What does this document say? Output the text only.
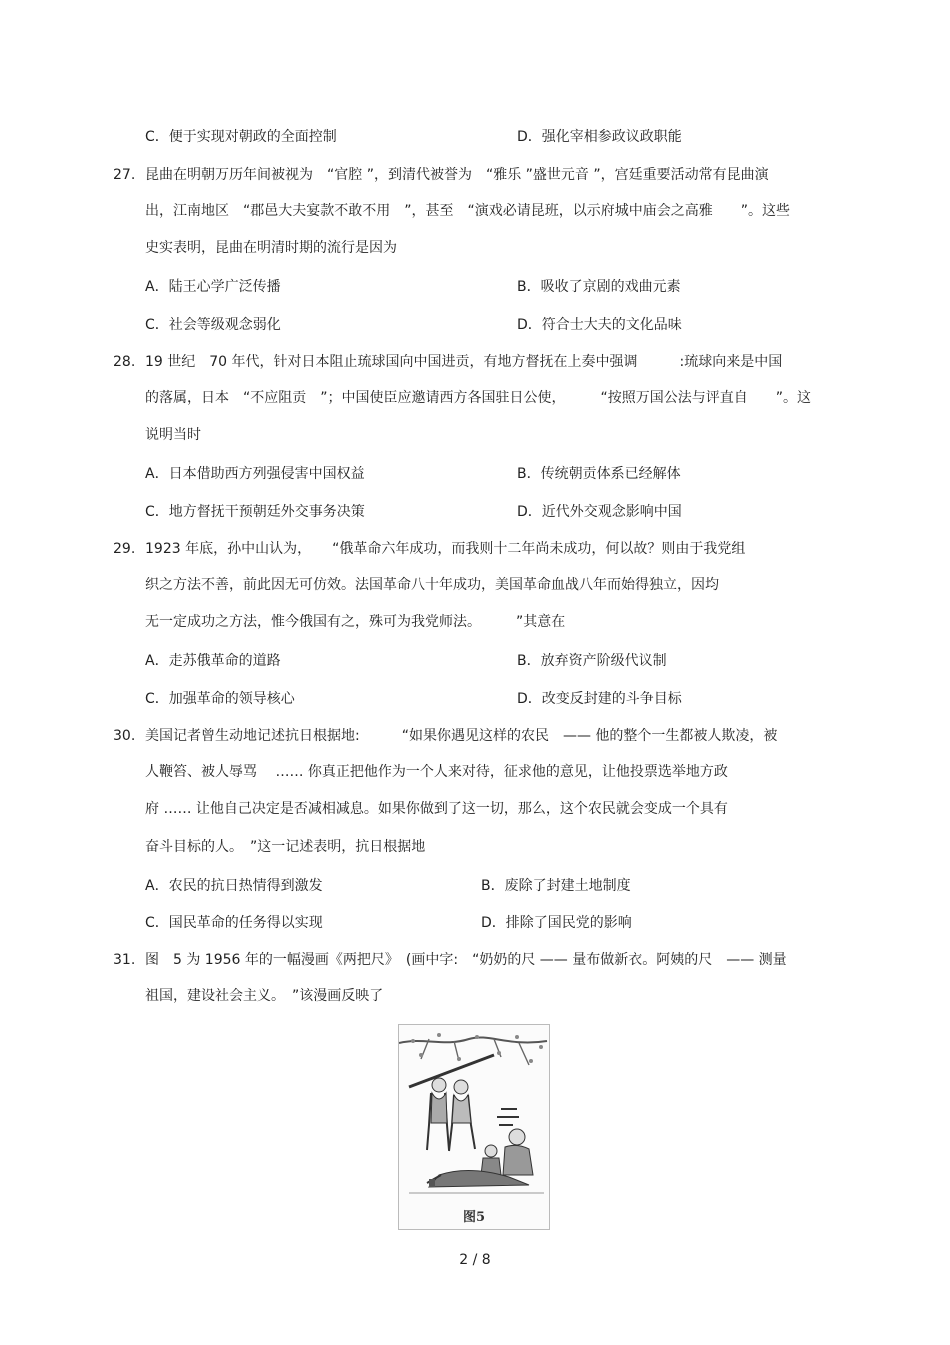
C．便于实现对朝政的全面控制	D．强化宰相参政议政职能
27. 昆曲在明朝万历年间被视为　“官腔 ”，到清代被誉为　“雅乐 ”盛世元音 ”，宫廷重要活动常有昆曲演
出，江南地区　“郡邑大夫宴款不敢不用　”，甚至　“演戏必请昆班，以示府城中庙会之高雅　　”。这些
史实表明，昆曲在明清时期的流行是因为
A．陆王心学广泛传播	B．吸收了京剧的戏曲元素
C．社会等级观念弱化	D．符合士大夫的文化品味
28. 19 世纪　70 年代，针对日本阻止琉球国向中国进贡，有地方督抚在上奏中强调　　　:琉球向来是中国
的落属，日本　“不应阻贡　”；中国使臣应邀请西方各国驻日公使，　　　“按照万国公法与评直自　　”。这
说明当时
A．日本借助西方列强侵害中国权益	B．传统朝贡体系已经解体
C．地方督抚干预朝廷外交事务决策	D．近代外交观念影响中国
29. 1923 年底，孙中山认为，　　“俄革命六年成功，而我则十二年尚未成功，何以故？则由于我党组
织之方法不善，前此因无可仿效。法国革命八十年成功，美国革命血战八年而始得独立，因均
无一定成功之方法，惟今俄国有之，殊可为我党师法。　　　”其意在
A．走苏俄革命的道路	B．放弃资产阶级代议制
C．加强革命的领导核心	D．改变反封建的斗争目标
30. 美国记者曾生动地记述抗日根据地:　　　“如果你遇见这样的农民　—— 他的整个一生都被人欺凌，被
人鞭笞、被人辱骂　 …… 你真正把他作为一个人来对待，征求他的意见，让他投票选举地方政
府 …… 让他自己决定是否减相减息。如果你做到了这一切，那么，这个农民就会变成一个具有
奋斗目标的人。　”这一记述表明，抗日根据地
A．农民的抗日热情得到激发	B．废除了封建土地制度
C．国民革命的任务得以实现	D．排除了国民党的影响
31. 图　5 为 1956 年的一幅漫画《两把尺》　(画中字:　“奶奶的尺 —— 量布做新衣。阿姨的尺　—— 测量
祖国，建设社会主义。　”该漫画反映了
图5
2 / 8
